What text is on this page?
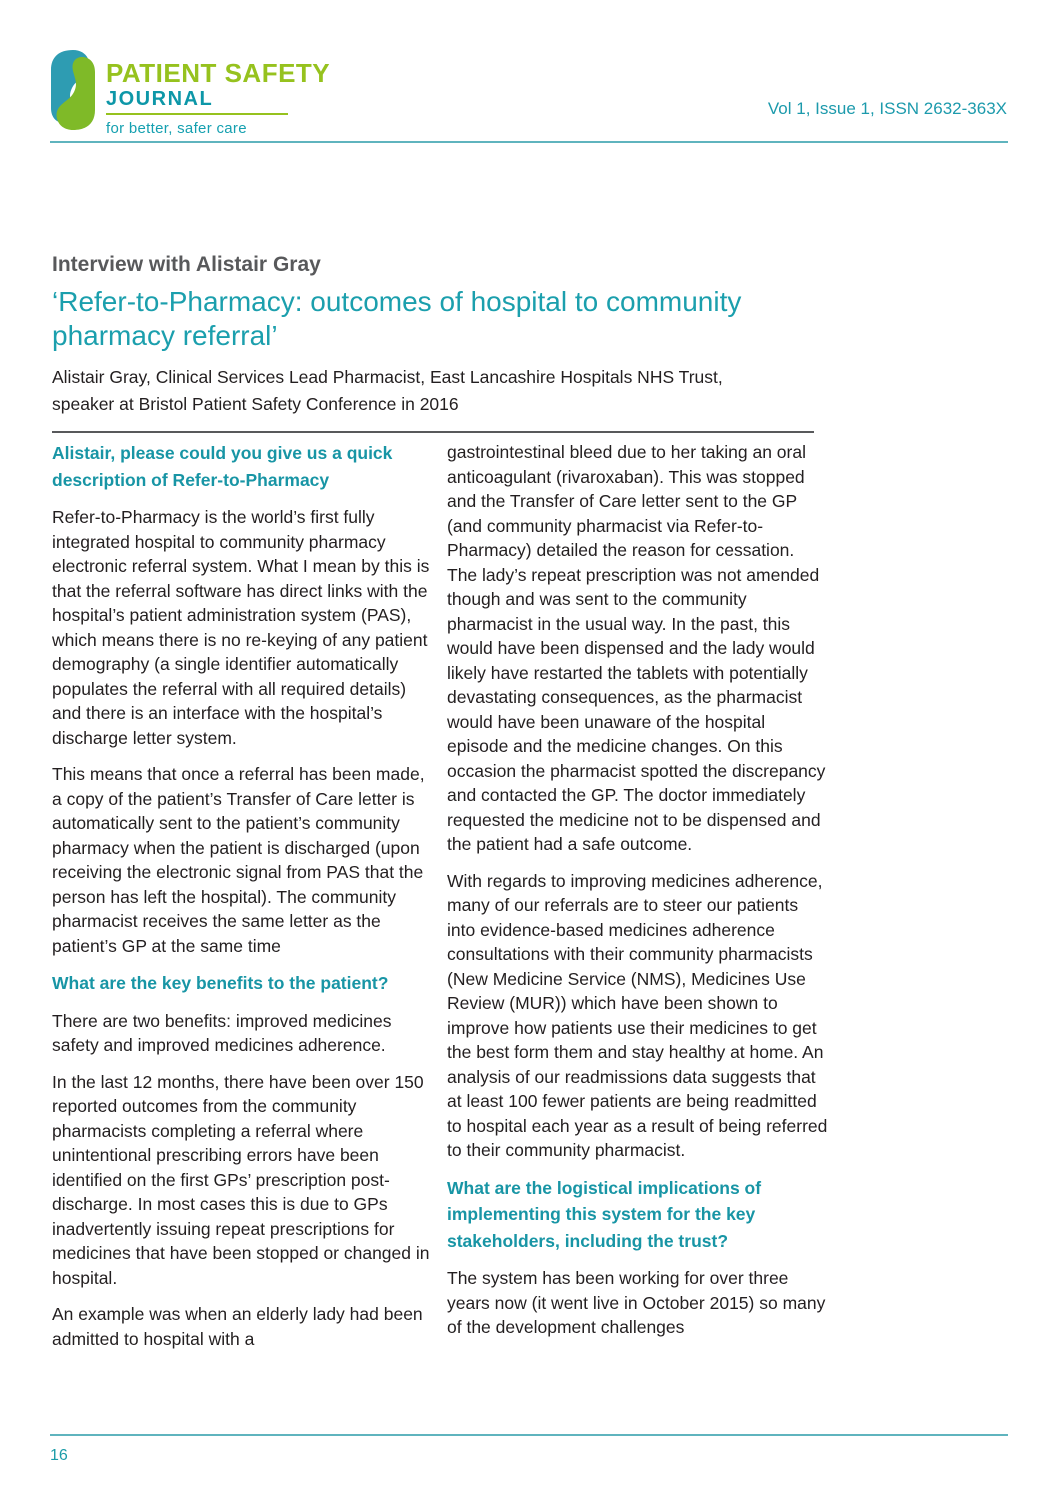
PATIENT SAFETY
JOURNAL
for better, safer care
Vol 1, Issue 1, ISSN 2632-363X
Interview with Alistair Gray
‘Refer-to-Pharmacy: outcomes of hospital to community pharmacy referral’

Alistair Gray, Clinical Services Lead Pharmacist, East Lancashire Hospitals NHS Trust,
speaker at Bristol Patient Safety Conference in 2016

Alistair, please could you give us a quick description of Refer-to-Pharmacy

Refer-to-Pharmacy is the world’s first fully integrated hospital to community pharmacy electronic referral system. What I mean by this is that the referral software has direct links with the hospital’s patient administration system (PAS), which means there is no re-keying of any patient demography (a single identifier automatically populates the referral with all required details) and there is an interface with the hospital’s discharge letter system.

This means that once a referral has been made, a copy of the patient’s Transfer of Care letter is automatically sent to the patient’s community pharmacy when the patient is discharged (upon receiving the electronic signal from PAS that the person has left the hospital). The community pharmacist receives the same letter as the patient’s GP at the same time

What are the key benefits to the patient?

There are two benefits: improved medicines safety and improved medicines adherence.

In the last 12 months, there have been over 150 reported outcomes from the community pharmacists completing a referral where unintentional prescribing errors have been identified on the first GPs’ prescription post-discharge. In most cases this is due to GPs inadvertently issuing repeat prescriptions for medicines that have been stopped or changed in hospital.

An example was when an elderly lady had been admitted to hospital with a

gastrointestinal bleed due to her taking an oral anticoagulant (rivaroxaban). This was stopped and the Transfer of Care letter sent to the GP (and community pharmacist via Refer-to-Pharmacy) detailed the reason for cessation. The lady’s repeat prescription was not amended though and was sent to the community pharmacist in the usual way. In the past, this would have been dispensed and the lady would likely have restarted the tablets with potentially devastating consequences, as the pharmacist would have been unaware of the hospital episode and the medicine changes. On this occasion the pharmacist spotted the discrepancy and contacted the GP. The doctor immediately requested the medicine not to be dispensed and the patient had a safe outcome.

With regards to improving medicines adherence, many of our referrals are to steer our patients into evidence-based medicines adherence consultations with their community pharmacists (New Medicine Service (NMS), Medicines Use Review (MUR)) which have been shown to improve how patients use their medicines to get the best form them and stay healthy at home. An analysis of our readmissions data suggests that at least 100 fewer patients are being readmitted to hospital each year as a result of being referred to their community pharmacist.

What are the logistical implications of implementing this system for the key stakeholders, including the trust?

The system has been working for over three years now (it went live in October 2015) so many of the development challenges

16
